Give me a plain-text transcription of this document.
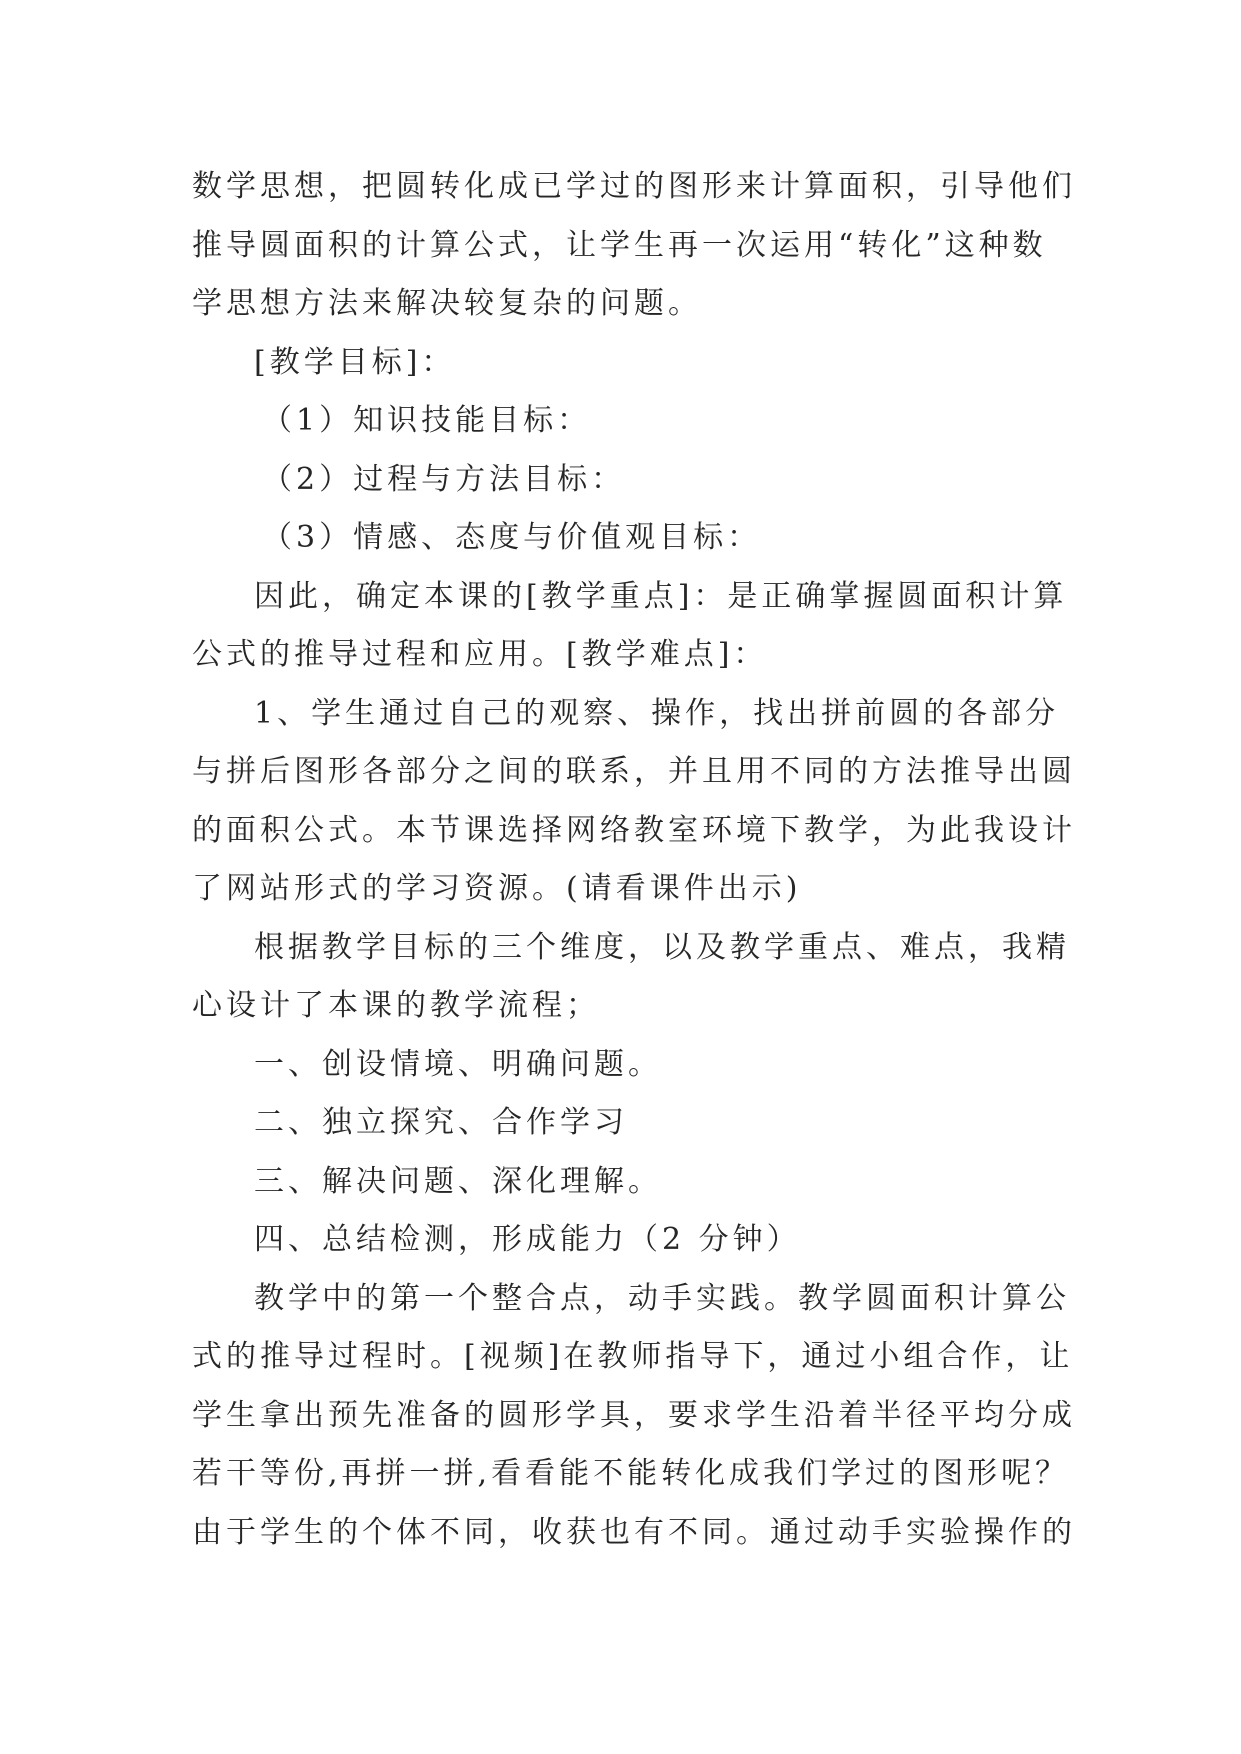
数学思想，把圆转化成已学过的图形来计算面积，引导他们
推导圆面积的计算公式，让学生再一次运用“转化”这种数
学思想方法来解决较复杂的问题。
[教学目标]：
（1）知识技能目标：
（2）过程与方法目标：
（3）情感、态度与价值观目标：
因此，确定本课的[教学重点]：是正确掌握圆面积计算
公式的推导过程和应用。[教学难点]：
1、学生通过自己的观察、操作，找出拼前圆的各部分
与拼后图形各部分之间的联系，并且用不同的方法推导出圆
的面积公式。本节课选择网络教室环境下教学，为此我设计
了网站形式的学习资源。(请看课件出示)
根据教学目标的三个维度，以及教学重点、难点，我精
心设计了本课的教学流程；
一、创设情境、明确问题。
二、独立探究、合作学习
三、解决问题、深化理解。
四、总结检测，形成能力（2 分钟）
教学中的第一个整合点，动手实践。教学圆面积计算公
式的推导过程时。[视频]在教师指导下，通过小组合作，让
学生拿出预先准备的圆形学具，要求学生沿着半径平均分成
若干等份,再拼一拼,看看能不能转化成我们学过的图形呢？
由于学生的个体不同，收获也有不同。通过动手实验操作的
